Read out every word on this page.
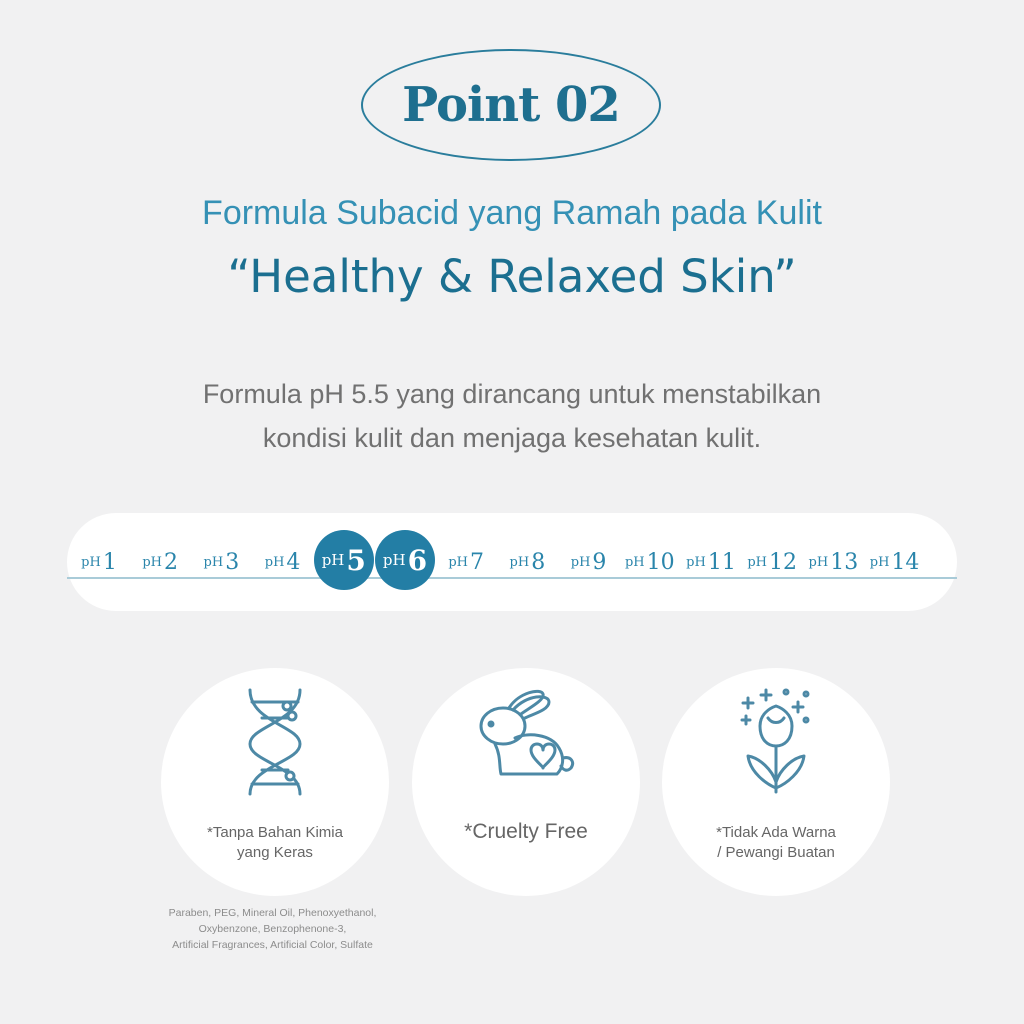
Point 02
Formula Subacid yang Ramah pada Kulit
“Healthy & Relaxed Skin”
Formula pH 5.5 yang dirancang untuk menstabilkan
kondisi kulit dan menjaga kesehatan kulit.
pH 1 pH 2 pH 3 pH 4 pH 5 pH 6 pH 7 pH 8 pH 9 pH 10 pH 11 pH 12 pH 13 pH 14
*Tanpa Bahan Kimia
yang Keras
*Cruelty Free	*Tidak Ada Warna
/ Pewangi Buatan
Paraben, PEG, Mineral Oil, Phenoxyethanol,
Oxybenzone, Benzophenone-3,
Artificial Fragrances, Artificial Color, Sulfate
